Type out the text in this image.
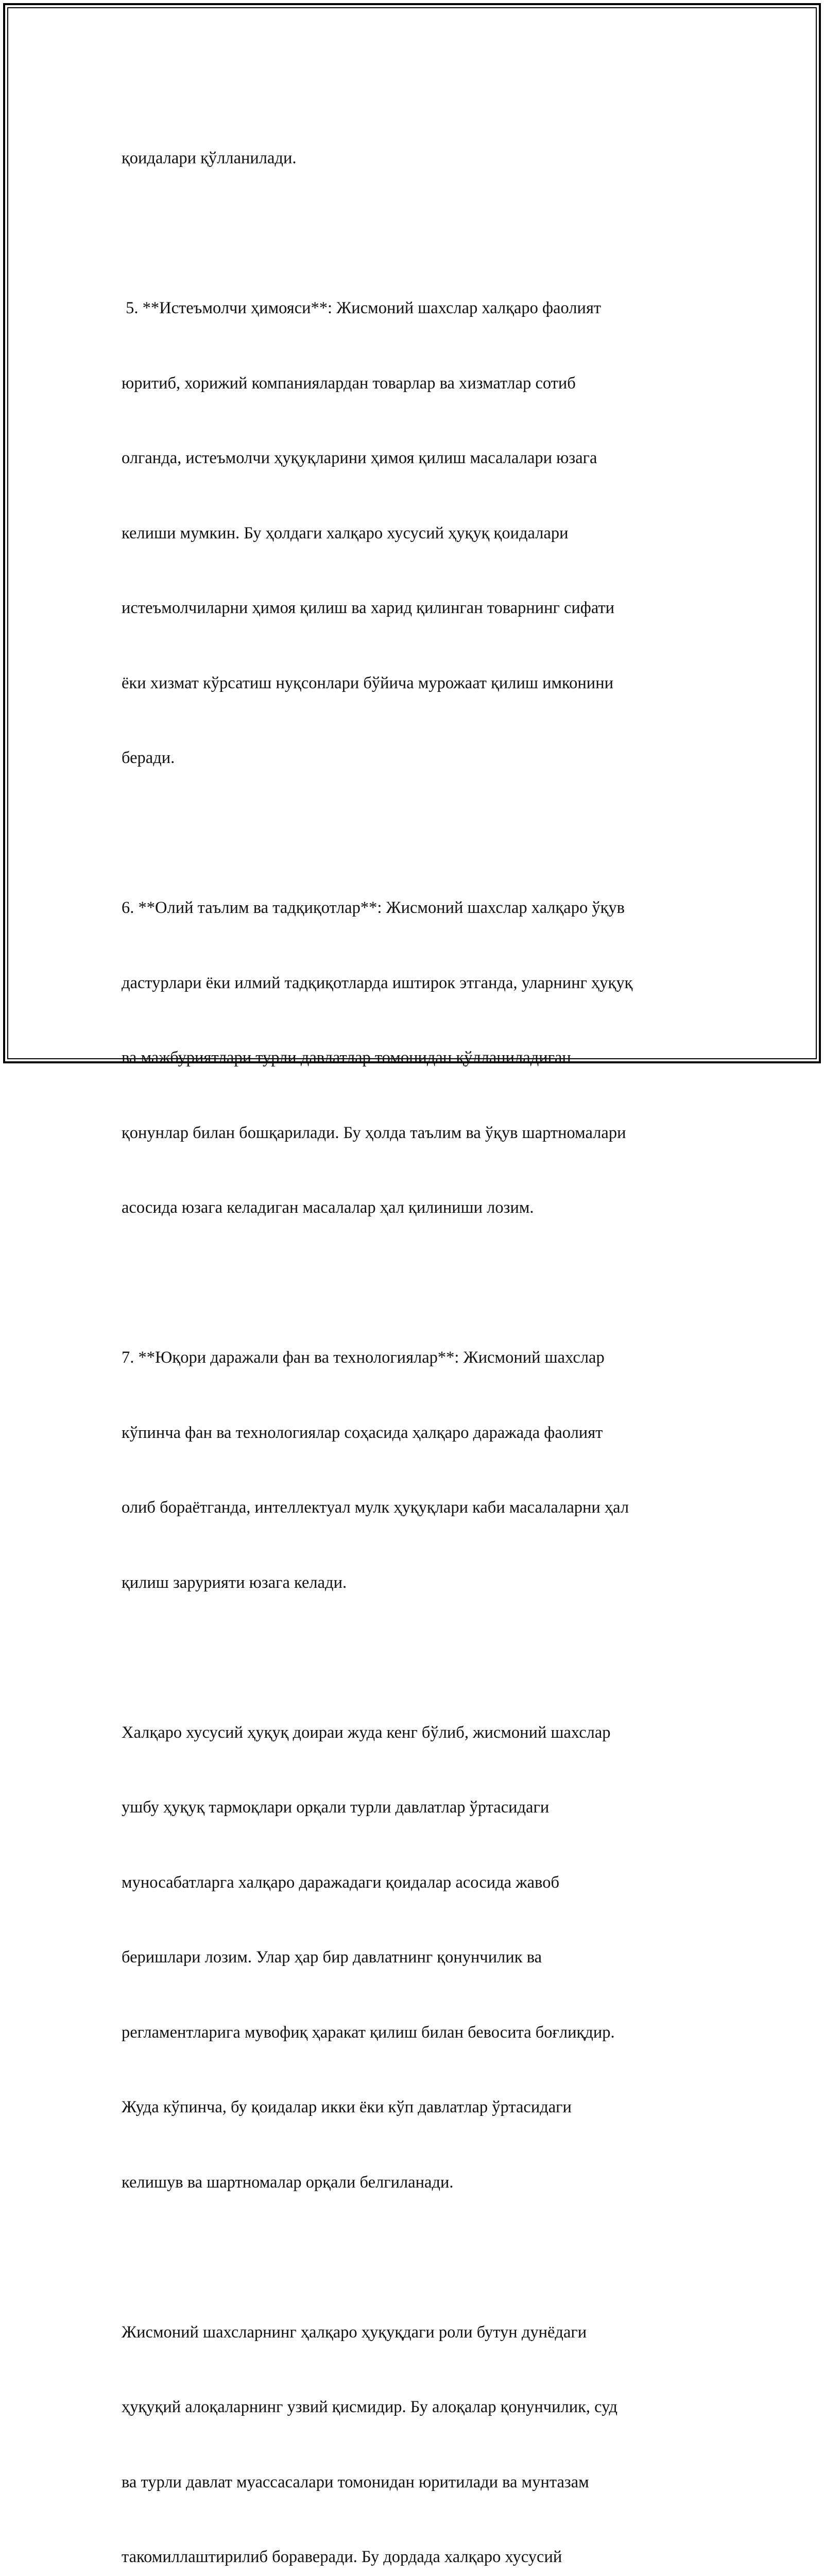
қоидалари қўлланилади.

5. **Истеъмолчи ҳимояси**: Жисмоний шахслар халқаро фаолият

юритиб, хорижий компаниялардан товарлар ва хизматлар сотиб

олганда, истеъмолчи ҳуқуқларини ҳимоя қилиш масалалари юзага

келиши мумкин. Бу ҳолдаги халқаро хусусий ҳуқуқ қоидалари

истеъмолчиларни ҳимоя қилиш ва харид қилинган товарнинг сифати

ёки хизмат кўрсатиш нуқсонлари бўйича мурожаат қилиш имконини

беради.

6. **Олий таълим ва тадқиқотлар**: Жисмоний шахслар халқаро ўқув

дастурлари ёки илмий тадқиқотларда иштирок этганда, уларнинг ҳуқуқ

ва мажбуриятлари турли давлатлар томонидан қўлланиладиган

қонунлар билан бошқарилади. Бу ҳолда таълим ва ўқув шартномалари

асосида юзага келадиган масалалар ҳал қилиниши лозим.

7. **Юқори даражали фан ва технологиялар**: Жисмоний шахслар

кўпинча фан ва технологиялар соҳасида ҳалқаро даражада фаолият

олиб бораётганда, интеллектуал мулк ҳуқуқлари каби масалаларни ҳал

қилиш зарурияти юзага келади.

Халқаро хусусий ҳуқуқ доираи жуда кенг бўлиб, жисмоний шахслар

ушбу ҳуқуқ тармоқлари орқали турли давлатлар ўртасидаги

муносабатларга халқаро даражадаги қоидалар асосида жавоб

беришлари лозим. Улар ҳар бир давлатнинг қонунчилик ва

регламентларига мувофиқ ҳаракат қилиш билан бевосита боғлиқдир.

Жуда кўпинча, бу қоидалар икки ёки кўп давлатлар ўртасидаги

келишув ва шартномалар орқали белгиланади.

Жисмоний шахсларнинг ҳалқаро ҳуқуқдаги роли бутун дунёдаги

ҳуқуқий алоқаларнинг узвий қисмидир. Бу алоқалар қонунчилик, суд

ва турли давлат муассасалари томонидан юритилади ва мунтазам

такомиллаштирилиб бораверади. Бу дордада халқаро хусусий
